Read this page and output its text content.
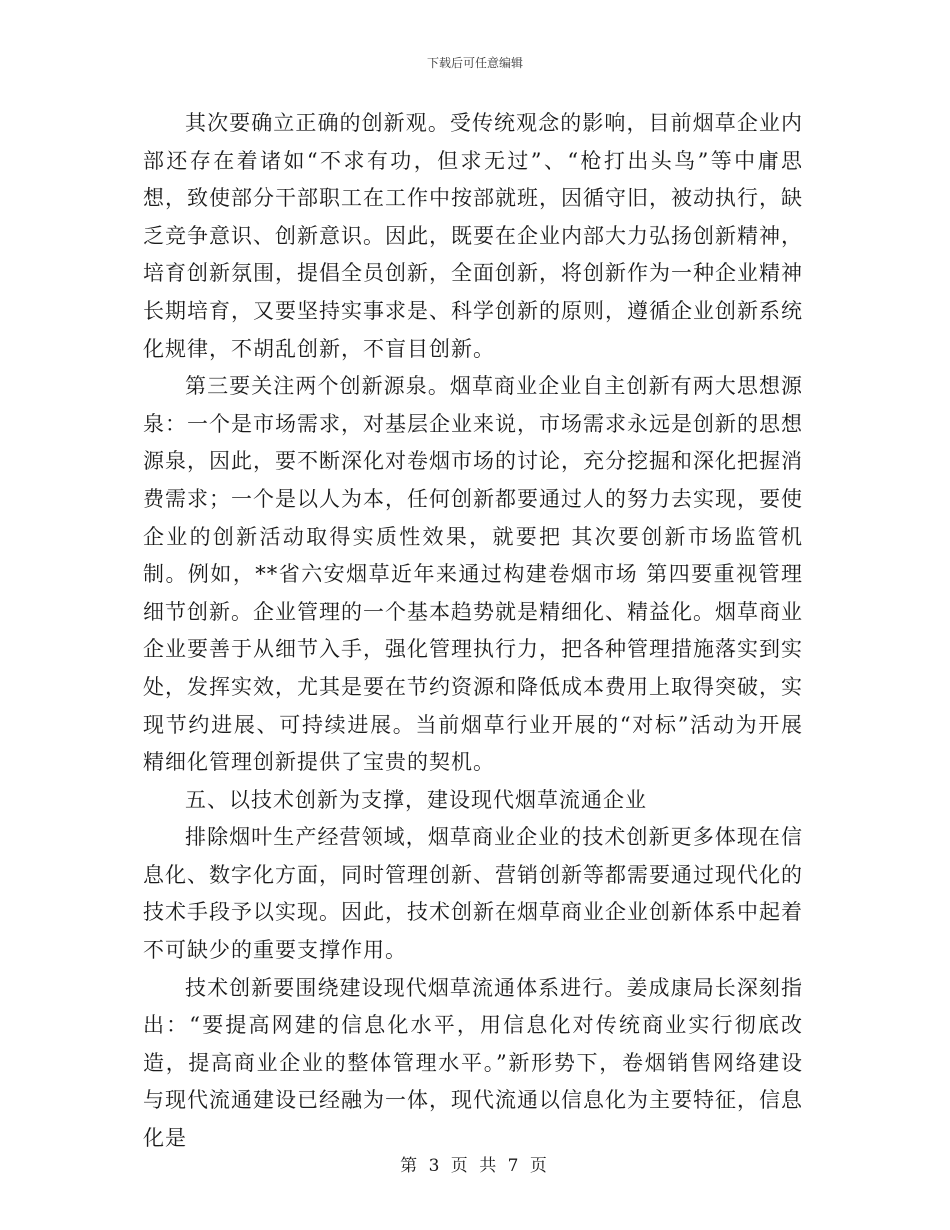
下载后可任意编辑

其次要确立正确的创新观。受传统观念的影响，目前烟草企业内部还存在着诸如“不求有功，但求无过”、“枪打出头鸟”等中庸思想，致使部分干部职工在工作中按部就班，因循守旧，被动执行，缺乏竞争意识、创新意识。因此，既要在企业内部大力弘扬创新精神，培育创新氛围，提倡全员创新，全面创新，将创新作为一种企业精神长期培育，又要坚持实事求是、科学创新的原则，遵循企业创新系统化规律，不胡乱创新，不盲目创新。

第三要关注两个创新源泉。烟草商业企业自主创新有两大思想源泉：一个是市场需求，对基层企业来说，市场需求永远是创新的思想源泉，因此，要不断深化对卷烟市场的讨论，充分挖掘和深化把握消费需求；一个是以人为本，任何创新都要通过人的努力去实现，要使企业的创新活动取得实质性效果，就要把 其次要创新市场监管机制。例如，**省六安烟草近年来通过构建卷烟市场 第四要重视管理细节创新。企业管理的一个基本趋势就是精细化、精益化。烟草商业企业要善于从细节入手，强化管理执行力，把各种管理措施落实到实处，发挥实效，尤其是要在节约资源和降低成本费用上取得突破，实现节约进展、可持续进展。当前烟草行业开展的“对标”活动为开展精细化管理创新提供了宝贵的契机。

五、以技术创新为支撑，建设现代烟草流通企业

排除烟叶生产经营领域，烟草商业企业的技术创新更多体现在信息化、数字化方面，同时管理创新、营销创新等都需要通过现代化的技术手段予以实现。因此，技术创新在烟草商业企业创新体系中起着不可缺少的重要支撑作用。

技术创新要围绕建设现代烟草流通体系进行。姜成康局长深刻指出：“要提高网建的信息化水平，用信息化对传统商业实行彻底改造，提高商业企业的整体管理水平。”新形势下，卷烟销售网络建设与现代流通建设已经融为一体，现代流通以信息化为主要特征，信息化是

第 3 页 共 7 页
